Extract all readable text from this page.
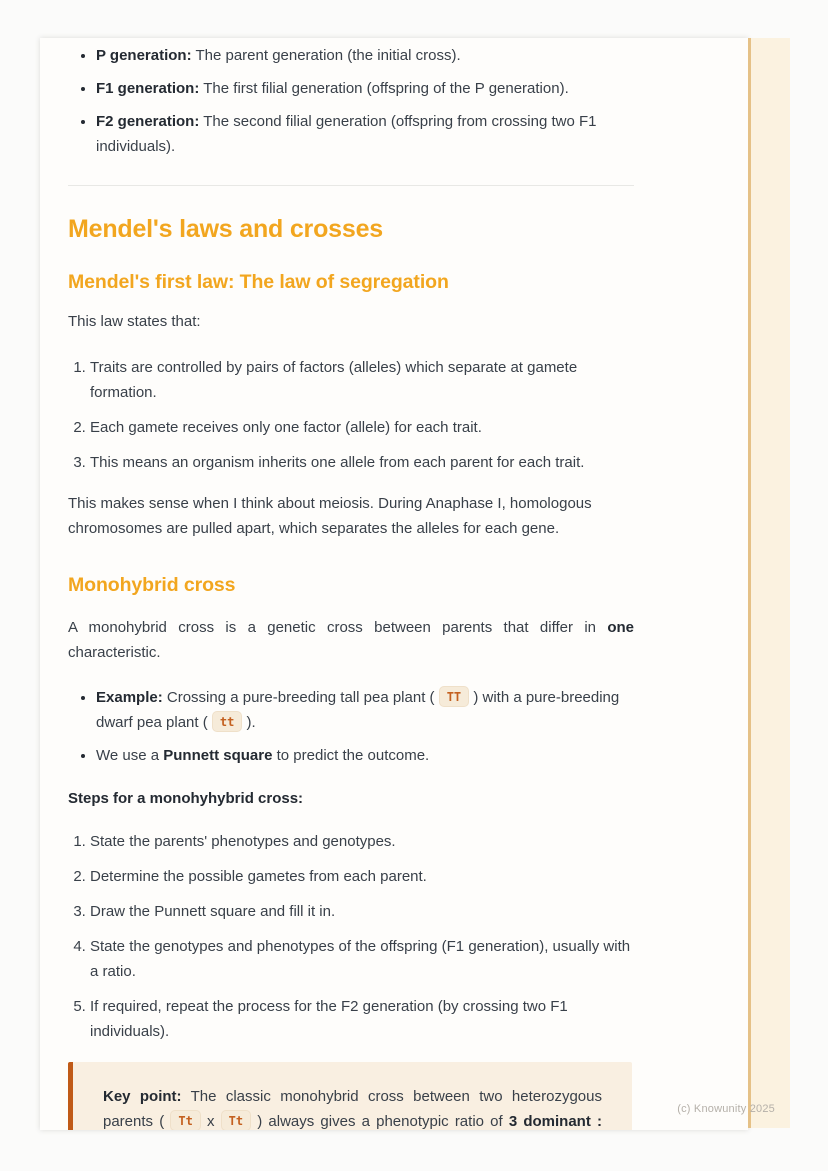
• P generation: The parent generation (the initial cross).
• F1 generation: The first filial generation (offspring of the P generation).
• F2 generation: The second filial generation (offspring from crossing two F1 individuals).
Mendel's laws and crosses
Mendel's first law: The law of segregation

This law states that:

1. Traits are controlled by pairs of factors (alleles) which separate at gamete formation.
2. Each gamete receives only one factor (allele) for each trait.
3. This means an organism inherits one allele from each parent for each trait.

This makes sense when I think about meiosis. During Anaphase I, homologous chromosomes are pulled apart, which separates the alleles for each gene.

Monohybrid cross

A monohybrid cross is a genetic cross between parents that differ in one characteristic.

• Example: Crossing a pure-breeding tall pea plant ( TT ) with a pure-breeding dwarf pea plant ( tt ).
• We use a Punnett square to predict the outcome.

Steps for a monohyhybrid cross:

1. State the parents' phenotypes and genotypes.
2. Determine the possible gametes from each parent.
3. Draw the Punnett square and fill it in.
4. State the genotypes and phenotypes of the offspring (F1 generation), usually with a ratio.
5. If required, repeat the process for the F2 generation (by crossing two F1 individuals).

Key point: The classic monohybrid cross between two heterozygous parents ( Tt x Tt ) always gives a phenotypic ratio of 3 dominant :

(c) Knowunity 2025
